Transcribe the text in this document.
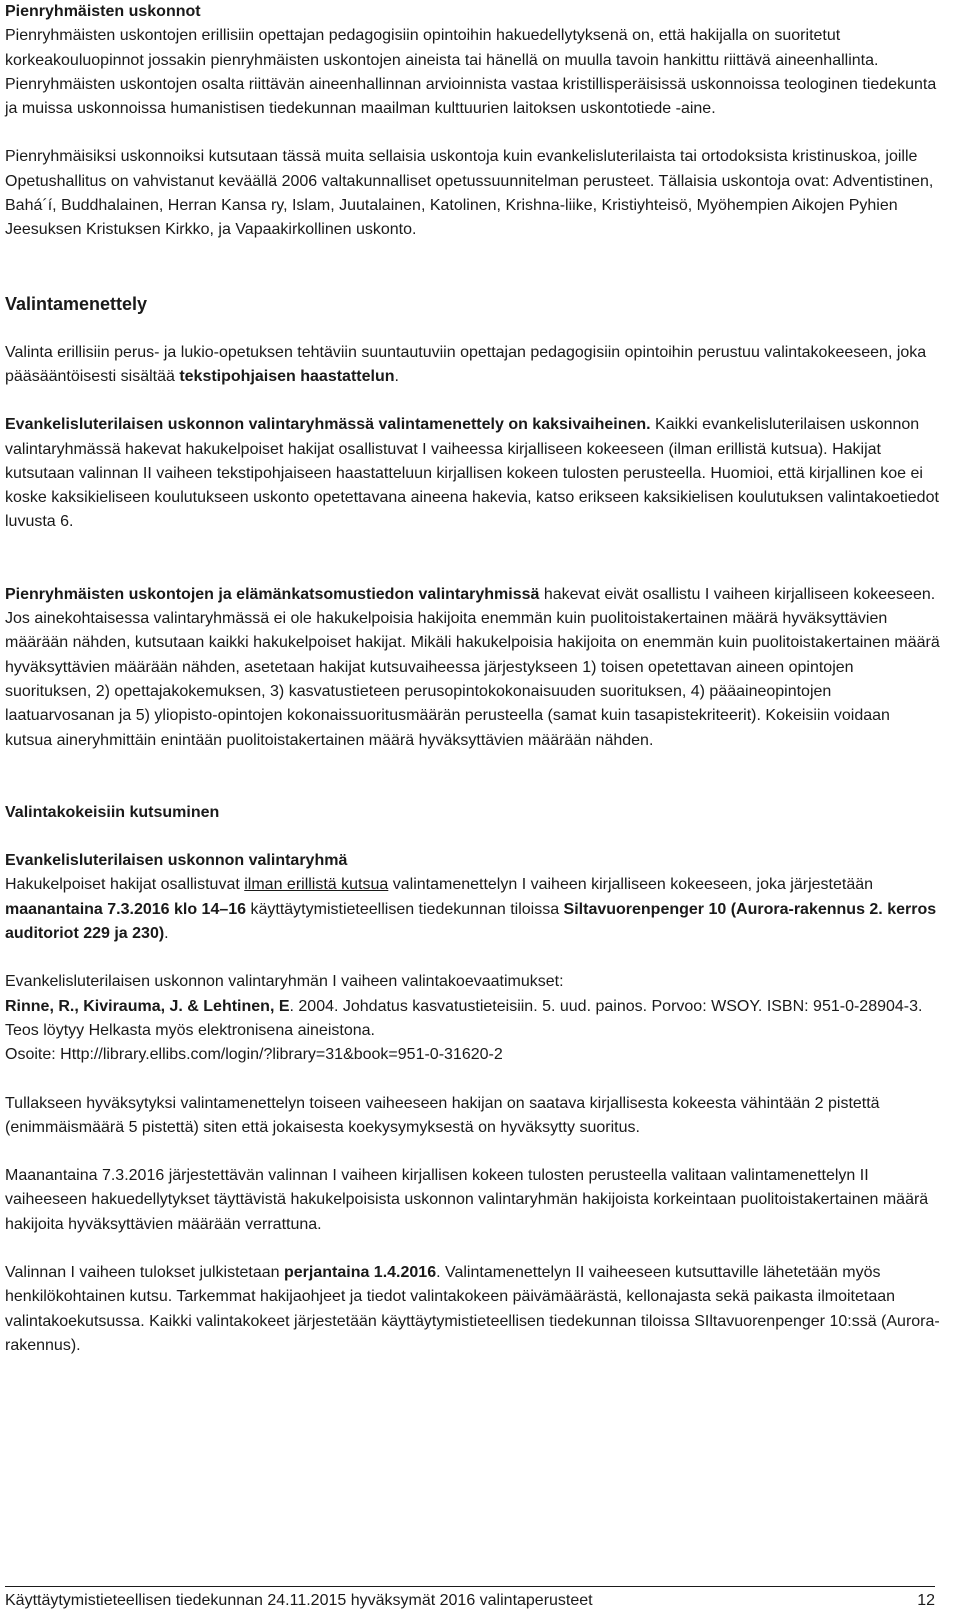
Pienryhmäisten uskonnot

Pienryhmäisten uskontojen erillisiin opettajan pedagogisiin opintoihin hakuedellytyksenä on, että hakijalla on suoritetut korkeakouluopinnot jossakin pienryhmäisten uskontojen aineista tai hänellä on muulla tavoin hankittu riittävä aineenhallinta. Pienryhmäisten uskontojen osalta riittävän aineenhallinnan arvioinnista vastaa kristillisperäisissä uskonnoissa teologinen tiedekunta ja muissa uskonnoissa humanistisen tiedekunnan maailman kulttuurien laitoksen uskontotiede -aine.

Pienryhmäisiksi uskonnoiksi kutsutaan tässä muita sellaisia uskontoja kuin evankelisluterilaista tai ortodoksista kristinuskoa, joille Opetushallitus on vahvistanut keväällä 2006 valtakunnalliset opetussuunnitelman perusteet. Tällaisia uskontoja ovat: Adventistinen, Bahá´í, Buddhalainen, Herran Kansa ry, Islam, Juutalainen, Katolinen, Krishna-liike, Kristiyhteisö, Myöhempien Aikojen Pyhien Jeesuksen Kristuksen Kirkko, ja Vapaakirkollinen uskonto.

Valintamenettely

Valinta erillisiin perus- ja lukio-opetuksen tehtäviin suuntautuviin opettajan pedagogisiin opintoihin perustuu valintakokeeseen, joka pääsääntöisesti sisältää tekstipohjaisen haastattelun.

Evankelisluterilaisen uskonnon valintaryhmässä valintamenettely on kaksivaiheinen. Kaikki evankelisluterilaisen uskonnon valintaryhmässä hakevat hakukelpoiset hakijat osallistuvat I vaiheessa kirjalliseen kokeeseen (ilman erillistä kutsua). Hakijat kutsutaan valinnan II vaiheen tekstipohjaiseen haastatteluun kirjallisen kokeen tulosten perusteella. Huomioi, että kirjallinen koe ei koske kaksikieliseen koulutukseen uskonto opetettavana aineena hakevia, katso erikseen kaksikielisen koulutuksen valintakoetiedot luvusta 6.

Pienryhmäisten uskontojen ja elämänkatsomustiedon valintaryhmissä hakevat eivät osallistu I vaiheen kirjalliseen kokeeseen. Jos ainekohtaisessa valintaryhmässä ei ole hakukelpoisia hakijoita enemmän kuin puolitoistakertainen määrä hyväksyttävien määrään nähden, kutsutaan kaikki hakukelpoiset hakijat. Mikäli hakukelpoisia hakijoita on enemmän kuin puolitoistakertainen määrä hyväksyttävien määrään nähden, asetetaan hakijat kutsuvaiheessa järjestykseen 1) toisen opetettavan aineen opintojen suorituksen, 2) opettajakokemuksen, 3) kasvatustieteen perusopintokokonaisuuden suorituksen, 4) pääaineopintojen laatuarvosanan ja 5) yliopisto-opintojen kokonaissuoritusmäärän perusteella (samat kuin tasapistekriteerit). Kokeisiin voidaan kutsua aineryhmittäin enintään puolitoistakertainen määrä hyväksyttävien määrään nähden.

Valintakokeisiin kutsuminen

Evankelisluterilaisen uskonnon valintaryhmä

Hakukelpoiset hakijat osallistuvat ilman erillistä kutsua valintamenettelyn I vaiheen kirjalliseen kokeeseen, joka järjestetään maanantaina 7.3.2016 klo 14–16 käyttäytymistieteellisen tiedekunnan tiloissa Siltavuorenpenger 10 (Aurora-rakennus 2. kerros auditoriot 229 ja 230).

Evankelisluterilaisen uskonnon valintaryhmän I vaiheen valintakoevaatimukset:

Rinne, R., Kivirauma, J. & Lehtinen, E. 2004. Johdatus kasvatustieteisiin. 5. uud. painos. Porvoo: WSOY. ISBN: 951-0-28904-3.

Teos löytyy Helkasta myös elektronisena aineistona.

Osoite: Http://library.ellibs.com/login/?library=31&book=951-0-31620-2

Tullakseen hyväksytyksi valintamenettelyn toiseen vaiheeseen hakijan on saatava kirjallisesta kokeesta vähintään 2 pistettä (enimmäismäärä 5 pistettä) siten että jokaisesta koekysymyksestä on hyväksytty suoritus.

Maanantaina 7.3.2016 järjestettävän valinnan I vaiheen kirjallisen kokeen tulosten perusteella valitaan valintamenettelyn II vaiheeseen hakuedellytykset täyttävistä hakukelpoisista uskonnon valintaryhmän hakijoista korkeintaan puolitoistakertainen määrä hakijoita hyväksyttävien määrään verrattuna.

Valinnan I vaiheen tulokset julkistetaan perjantaina 1.4.2016. Valintamenettelyn II vaiheeseen kutsuttaville lähetetään myös henkilökohtainen kutsu. Tarkemmat hakijaohjeet ja tiedot valintakokeen päivämäärästä, kellonajasta sekä paikasta ilmoitetaan valintakoekutsussa. Kaikki valintakokeet järjestetään käyttäytymistieteellisen tiedekunnan tiloissa SIltavuorenpenger 10:ssä (Aurora-rakennus).

Käyttäytymistieteellisen tiedekunnan 24.11.2015 hyväksymät 2016 valintaperusteet	12
